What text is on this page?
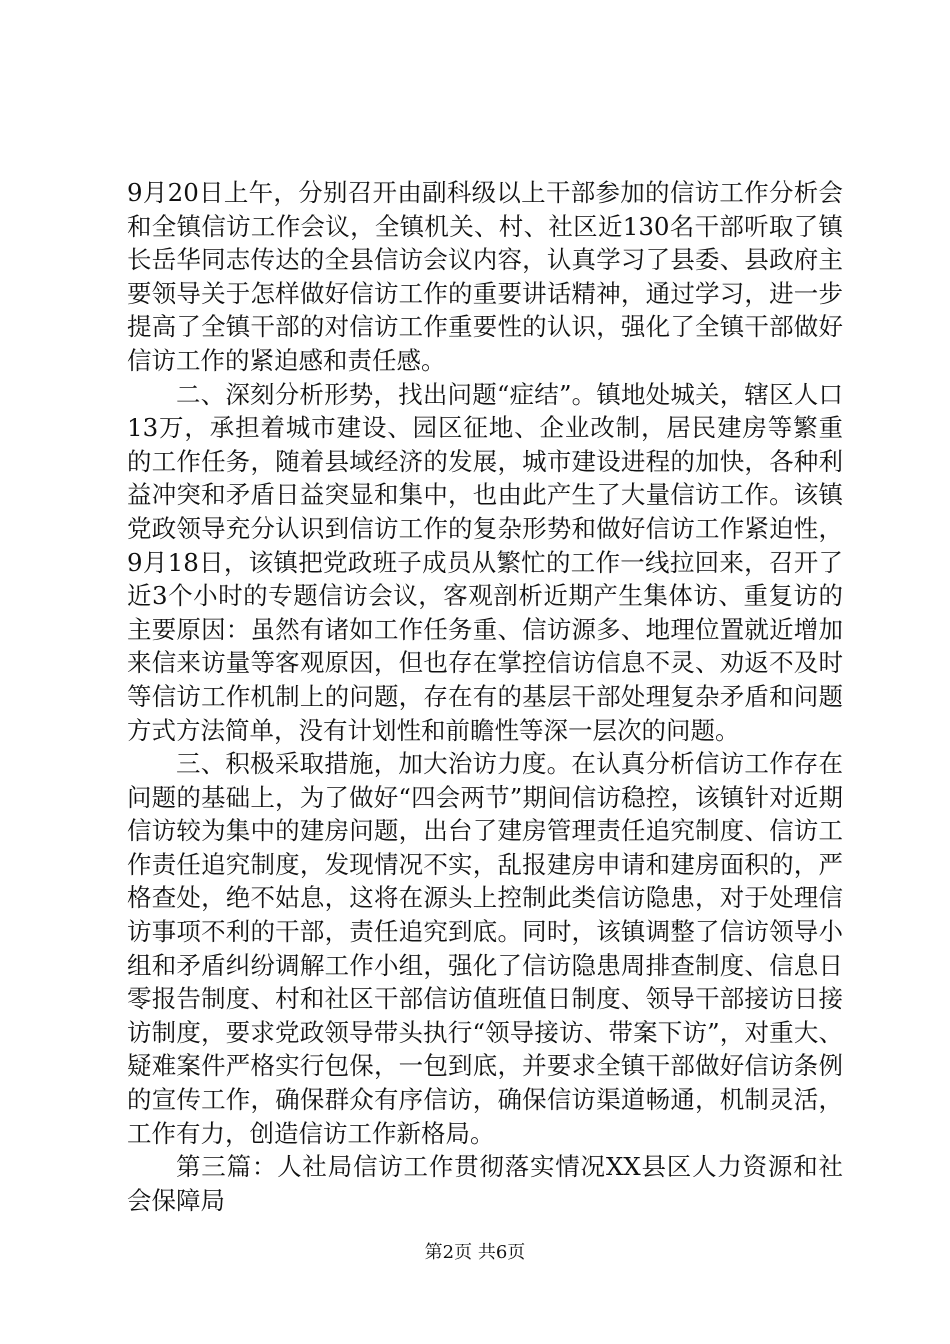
9月20日上午，分别召开由副科级以上干部参加的信访工作分析会和全镇信访工作会议，全镇机关、村、社区近130名干部听取了镇长岳华同志传达的全县信访会议内容，认真学习了县委、县政府主要领导关于怎样做好信访工作的重要讲话精神，通过学习，进一步提高了全镇干部的对信访工作重要性的认识，强化了全镇干部做好信访工作的紧迫感和责任感。

二、深刻分析形势，找出问题“症结”。镇地处城关，辖区人口13万，承担着城市建设、园区征地、企业改制，居民建房等繁重的工作任务，随着县域经济的发展，城市建设进程的加快，各种利益冲突和矛盾日益突显和集中，也由此产生了大量信访工作。该镇党政领导充分认识到信访工作的复杂形势和做好信访工作紧迫性，9月18日，该镇把党政班子成员从繁忙的工作一线拉回来，召开了近3个小时的专题信访会议，客观剖析近期产生集体访、重复访的主要原因：虽然有诸如工作任务重、信访源多、地理位置就近增加来信来访量等客观原因，但也存在掌控信访信息不灵、劝返不及时等信访工作机制上的问题，存在有的基层干部处理复杂矛盾和问题方式方法简单，没有计划性和前瞻性等深一层次的问题。

三、积极采取措施，加大治访力度。在认真分析信访工作存在问题的基础上，为了做好“四会两节”期间信访稳控，该镇针对近期信访较为集中的建房问题，出台了建房管理责任追究制度、信访工作责任追究制度，发现情况不实，乱报建房申请和建房面积的，严格查处，绝不姑息，这将在源头上控制此类信访隐患，对于处理信访事项不利的干部，责任追究到底。同时，该镇调整了信访领导小组和矛盾纠纷调解工作小组，强化了信访隐患周排查制度、信息日零报告制度、村和社区干部信访值班值日制度、领导干部接访日接访制度，要求党政领导带头执行“领导接访、带案下访”，对重大、疑难案件严格实行包保，一包到底，并要求全镇干部做好信访条例的宣传工作，确保群众有序信访，确保信访渠道畅通，机制灵活，工作有力，创造信访工作新格局。

第三篇：人社局信访工作贯彻落实情况XX县区人力资源和社会保障局

第2页 共6页
